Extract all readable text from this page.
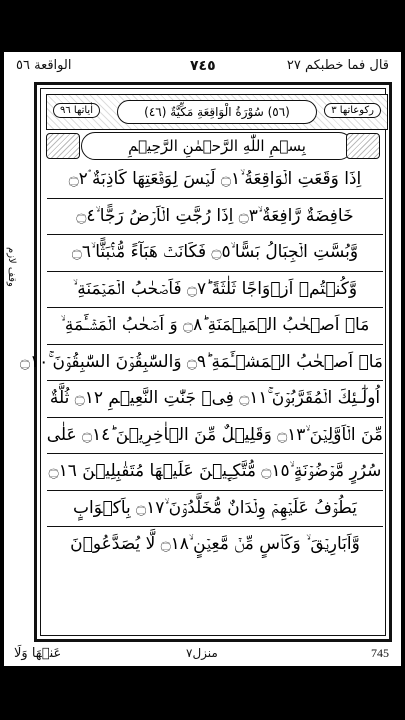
الواقعة ٥٦	٧٤٥	قال فما خطبكم ٢٧
وقف لازم
اٰياتها ٩٦	(٥٦) سُوْرَةُ الْوَاقِعَةِ مَكِّيَّةٌ (٤٦)	رکوعاتها ٣
بِسۡمِ اللّٰهِ الرَّحۡمٰنِ الرَّحِيۡمِ
اِذَا وَقَعَتِ الۡوَاقِعَةُ ۙ۝١ لَيۡسَ لِوَقۡعَتِهَا كَاذِبَةٌ ۘ۝٢
خَافِضَةٌ رَّافِعَةٌ ۙ۝٣ اِذَا رُجَّتِ الۡاَرۡضُ رَجًّا ۙ۝٤
وَّبُسَّتِ الۡجِبَالُ بَسًّا ۙ۝٥ فَكَانَتۡ هَبَآءً مُّنۡۢبَثًّا ۙ۝٦
وَّكُنۡتُمۡ اَزۡوَاجًا ثَلٰثَةً ؕ۝٧ فَاَصۡحٰبُ الۡمَيۡمَنَةِ ۙ
مَاۤ اَصۡحٰبُ الۡمَيۡمَنَةِ ؕ۝٨ وَ اَصۡحٰبُ الۡمَشۡـَٔمَةِ ۙ
مَاۤ اَصۡحٰبُ الۡمَشۡـَٔمَةِ ؕ۝٩ وَالسّٰبِقُوۡنَ السّٰبِقُوۡنَ ۚ۝١٠
اُولٰٓـئِكَ الۡمُقَرَّبُوۡنَ ۚ۝١١ فِىۡ جَنّٰتِ النَّعِيۡمِ ۝١٢ ثُلَّةٌ
مِّنَ الۡاَوَّلِيۡنَ ۙ۝١٣ وَقَلِيۡلٌ مِّنَ الۡاٰخِرِيۡنَ ؕ۝١٤ عَلٰى
سُرُرٍ مَّوۡضُوۡنَةٍ ۙ۝١٥ مُّتَّكِـِٕيۡنَ عَلَيۡهَا مُتَقٰبِلِيۡنَ ۝١٦
يَطُوۡفُ عَلَيۡهِمۡ وِلۡدَانٌ مُّخَلَّدُوۡنَ ۙ۝١٧ بِاَكۡوَابٍ
وَّاَبَارِيۡقَ ۙ وَكَاۡسٍ مِّنۡ مَّعِيۡنٍ ۙ۝١٨ لَّا يُصَدَّعُوۡنَ
عَنۡهَا وَلَا	منزل٧	745
